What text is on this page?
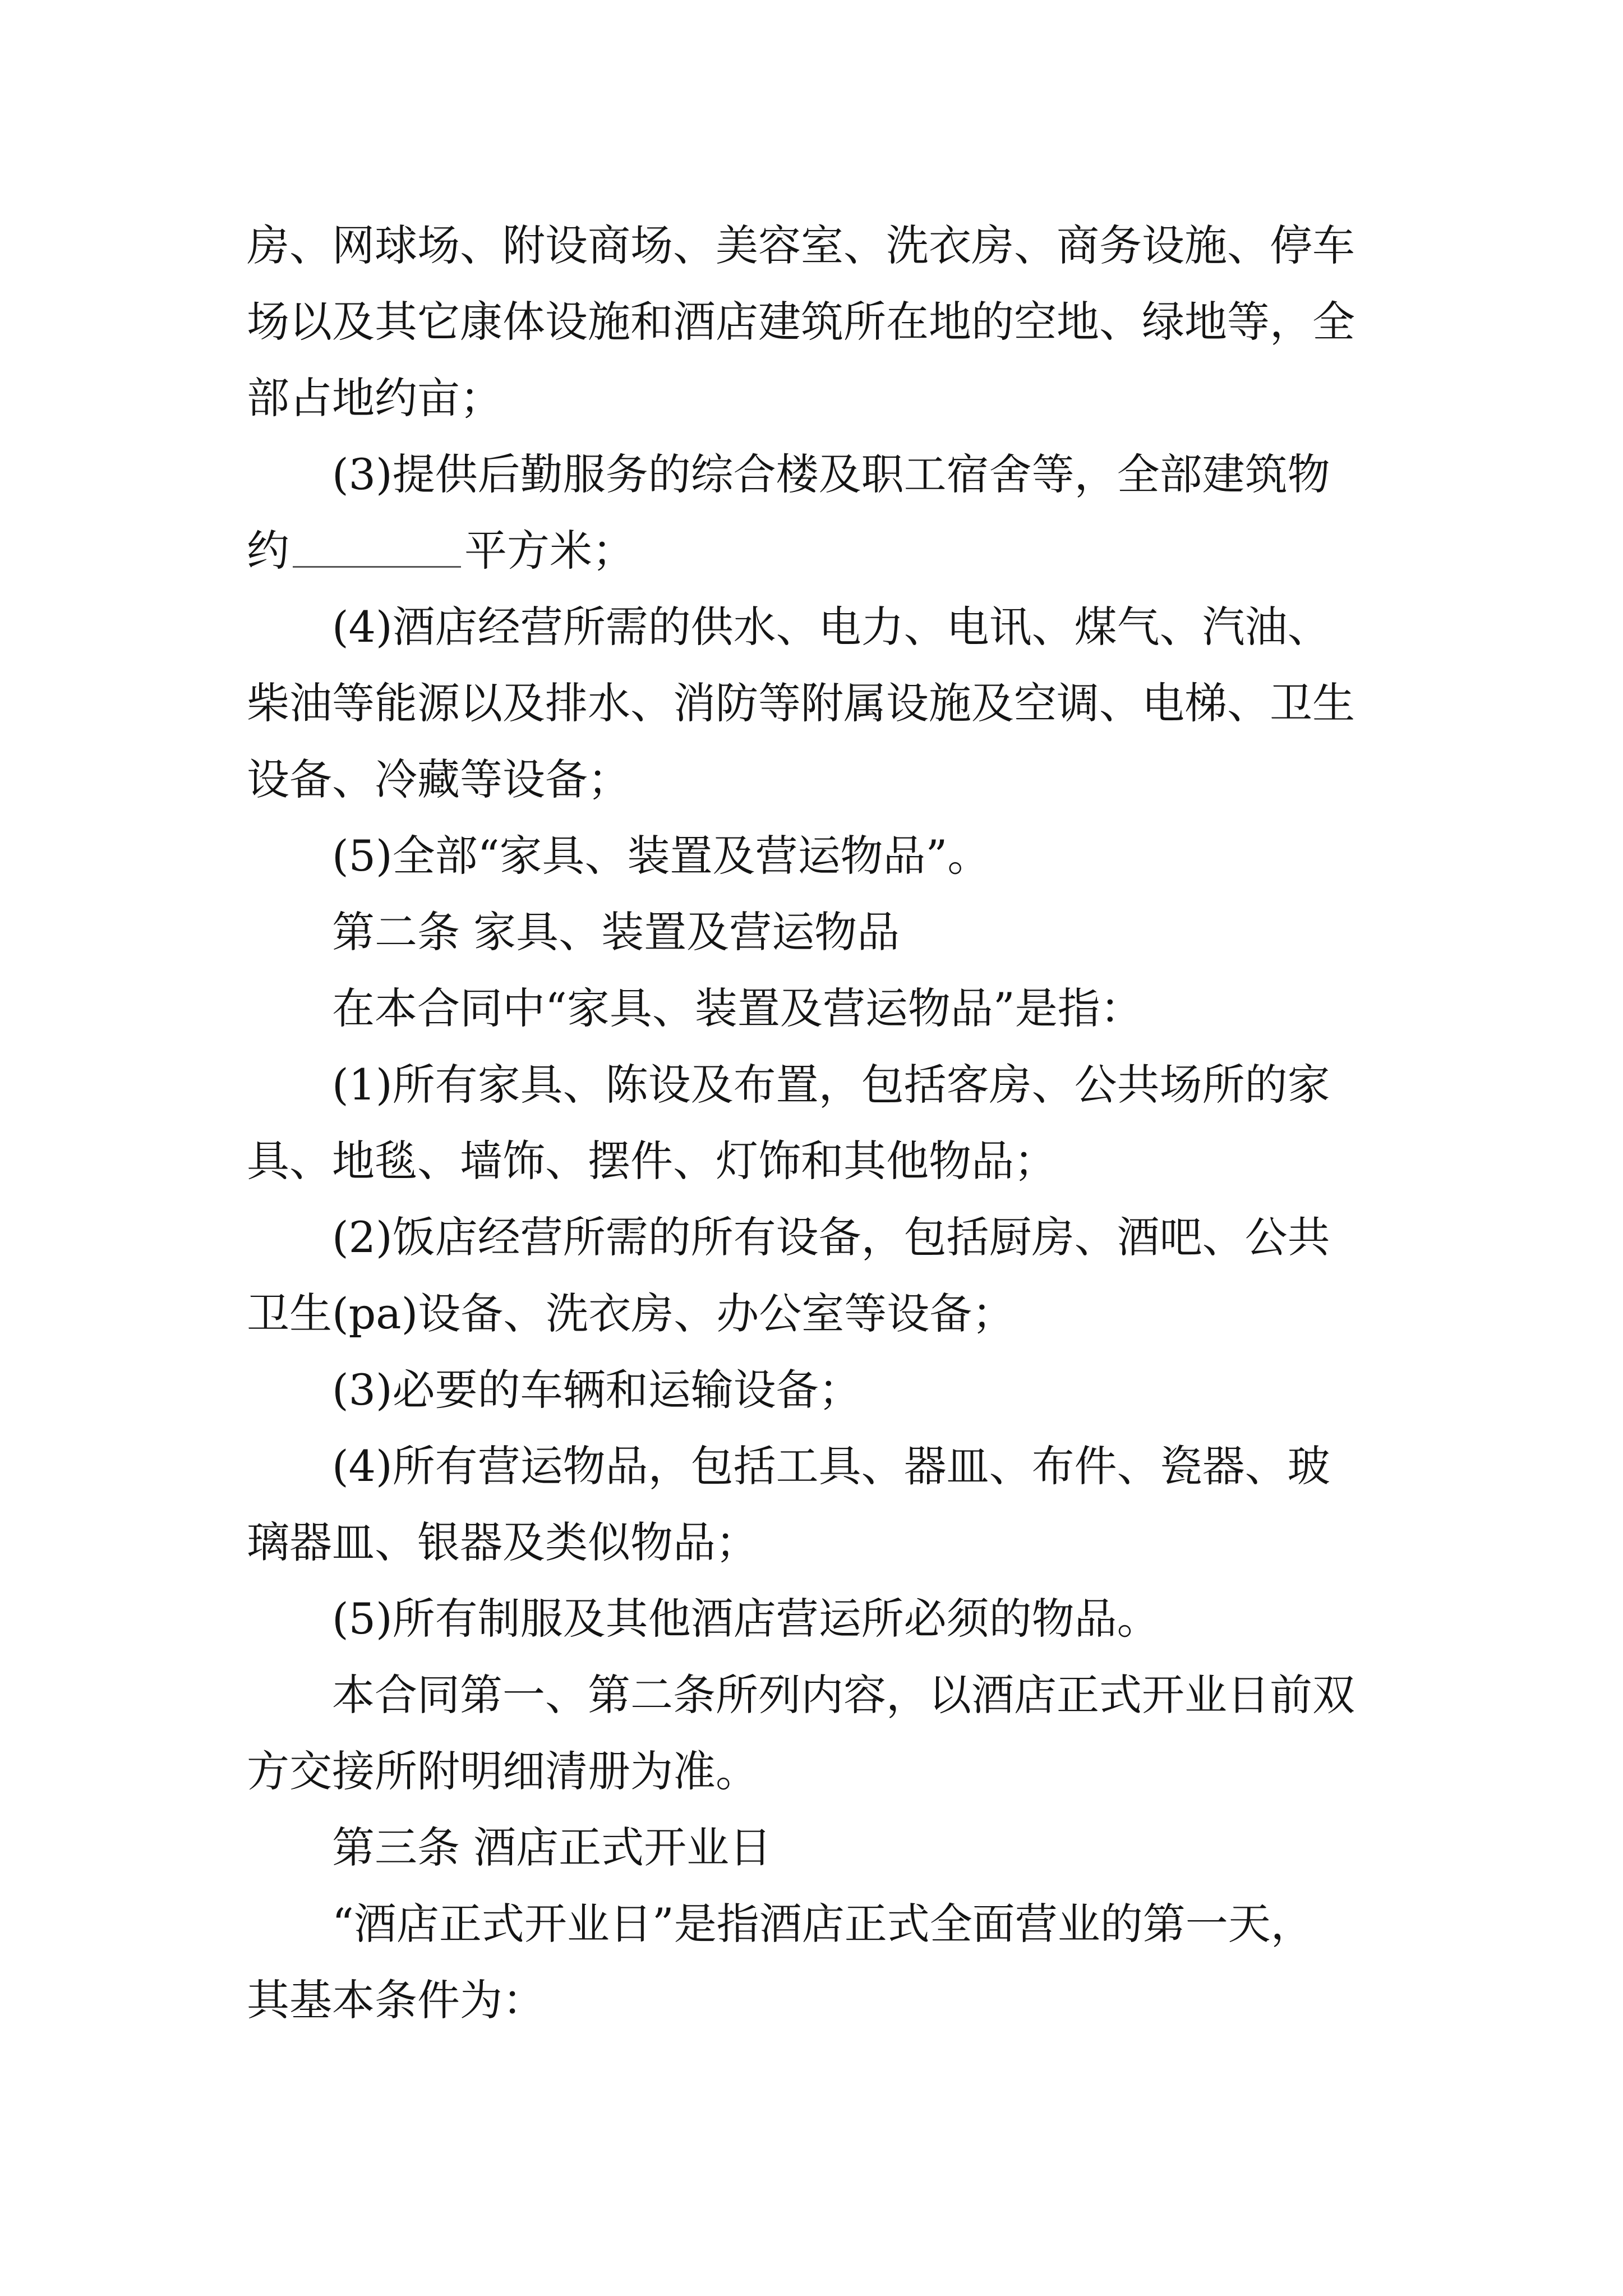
房、网球场、附设商场、美容室、洗衣房、商务设施、停车
场以及其它康体设施和酒店建筑所在地的空地、绿地等，全
部占地约亩；
(3)提供后勤服务的综合楼及职工宿舍等，全部建筑物
约	平方米；
(4)酒店经营所需的供水、电力、电讯、煤气、汽油、
柴油等能源以及排水、消防等附属设施及空调、电梯、卫生
设备、冷藏等设备；
(5)全部“家具、装置及营运物品”。
第二条 家具、装置及营运物品
在本合同中“家具、装置及营运物品”是指：
(1)所有家具、陈设及布置，包括客房、公共场所的家
具、地毯、墙饰、摆件、灯饰和其他物品；
(2)饭店经营所需的所有设备，包括厨房、酒吧、公共
卫生(pa)设备、洗衣房、办公室等设备；
(3)必要的车辆和运输设备；
(4)所有营运物品，包括工具、器皿、布件、瓷器、玻
璃器皿、银器及类似物品；
(5)所有制服及其他酒店营运所必须的物品。
本合同第一、第二条所列内容，以酒店正式开业日前双
方交接所附明细清册为准。
第三条 酒店正式开业日
“酒店正式开业日”是指酒店正式全面营业的第一天，
其基本条件为：
